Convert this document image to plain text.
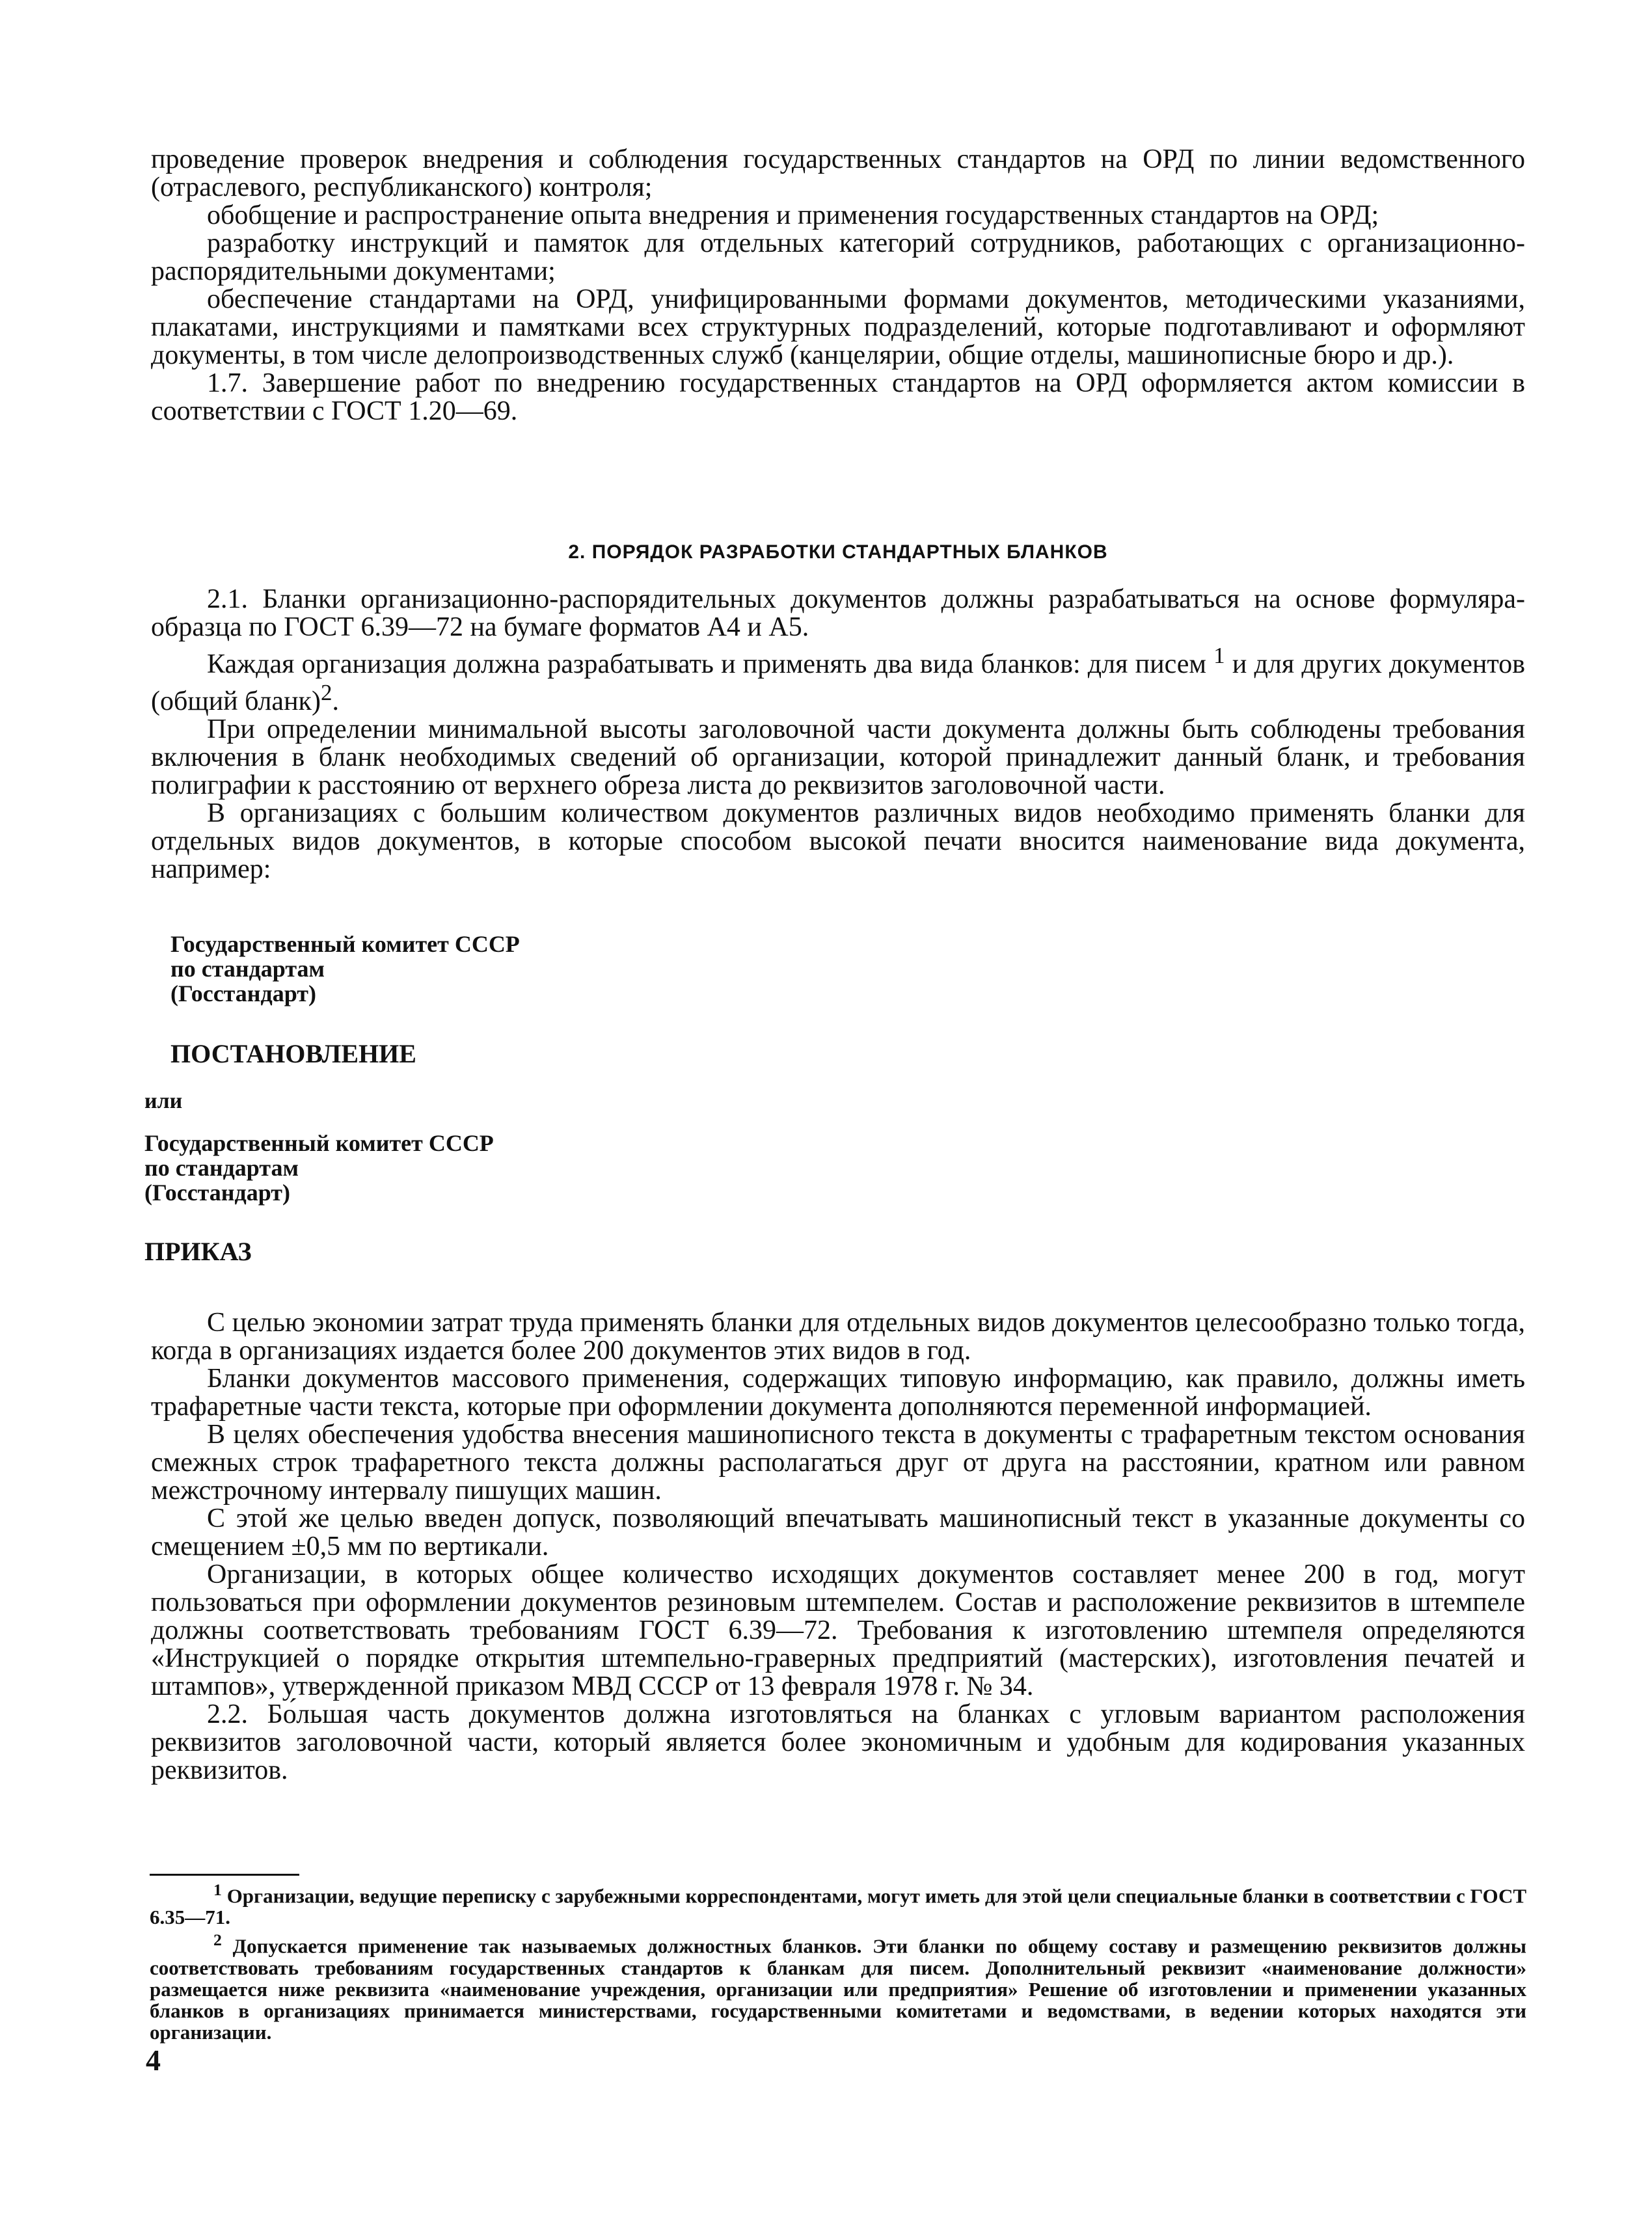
проведение проверок внедрения и соблюдения государственных стандартов на ОРД по линии ведомственного (отраслевого, республиканского) контроля;

обобщение и распространение опыта внедрения и применения государственных стандартов на ОРД;

разработку инструкций и памяток для отдельных категорий сотрудников, работающих с организационно-распорядительными документами;

обеспечение стандартами на ОРД, унифицированными формами документов, методическими указаниями, плакатами, инструкциями и памятками всех структурных подразделений, которые подготавливают и оформляют документы, в том числе делопроизводственных служб (канцелярии, общие отделы, машинописные бюро и др.).

1.7. Завершение работ по внедрению государственных стандартов на ОРД оформляется актом комиссии в соответствии с ГОСТ 1.20—69.

2. ПОРЯДОК РАЗРАБОТКИ СТАНДАРТНЫХ БЛАНКОВ

2.1. Бланки организационно-распорядительных документов должны разрабатываться на основе формуляра-образца по ГОСТ 6.39—72 на бумаге форматов А4 и А5.

Каждая организация должна разрабатывать и применять два вида бланков: для писем $^1$ и для других документов (общий бланк)$^2$.

При определении минимальной высоты заголовочной части документа должны быть соблюдены требования включения в бланк необходимых сведений об организации, которой принадлежит данный бланк, и требования полиграфии к расстоянию от верхнего обреза листа до реквизитов заголовочной части.

В организациях с большим количеством документов различных видов необходимо применять бланки для отдельных видов документов, в которые способом высокой печати вносится наименование вида документа, например:

Государственный комитет СССР
по стандартам
(Госстандарт)
ПОСТАНОВЛЕНИЕ
или
Государственный комитет СССР
по стандартам
(Госстандарт)
ПРИКАЗ

С целью экономии затрат труда применять бланки для отдельных видов документов целесообразно только тогда, когда в организациях издается более 200 документов этих видов в год.

Бланки документов массового применения, содержащих типовую информацию, как правило, должны иметь трафаретные части текста, которые при оформлении документа дополняются переменной информацией.

В целях обеспечения удобства внесения машинописного текста в документы с трафаретным текстом основания смежных строк трафаретного текста должны располагаться друг от друга на расстоянии, кратном или равном межстрочному интервалу пишущих машин.

С этой же целью введен допуск, позволяющий впечатывать машинописный текст в указанные документы со смещением ±0,5 мм по вертикали.

Организации, в которых общее количество исходящих документов составляет менее 200 в год, могут пользоваться при оформлении документов резиновым штемпелем. Состав и расположение реквизитов в штемпеле должны соответствовать требованиям ГОСТ 6.39—72. Требования к изготовлению штемпеля определяются «Инструкцией о порядке открытия штемпельно-граверных предприятий (мастерских), изготовления печатей и штампов», утвержденной приказом МВД СССР от 13 февраля 1978 г. № 34.

2.2. Бо́льшая часть документов должна изготовляться на бланках с угловым вариантом расположения реквизитов заголовочной части, который является более экономичным и удобным для кодирования указанных реквизитов.

$^1$ Организации, ведущие переписку с зарубежными корреспондентами, могут иметь для этой цели специальные бланки в соответствии с ГОСТ 6.35—71.

$^2$ Допускается применение так называемых должностных бланков. Эти бланки по общему составу и размещению реквизитов должны соответствовать требованиям государственных стандартов к бланкам для писем. Дополнительный реквизит «наименование должности» размещается ниже реквизита «наименование учреждения, организации или предприятия» Решение об изготовлении и применении указанных бланков в организациях принимается министерствами, государственными комитетами и ведомствами, в ведении которых находятся эти организации.

4
